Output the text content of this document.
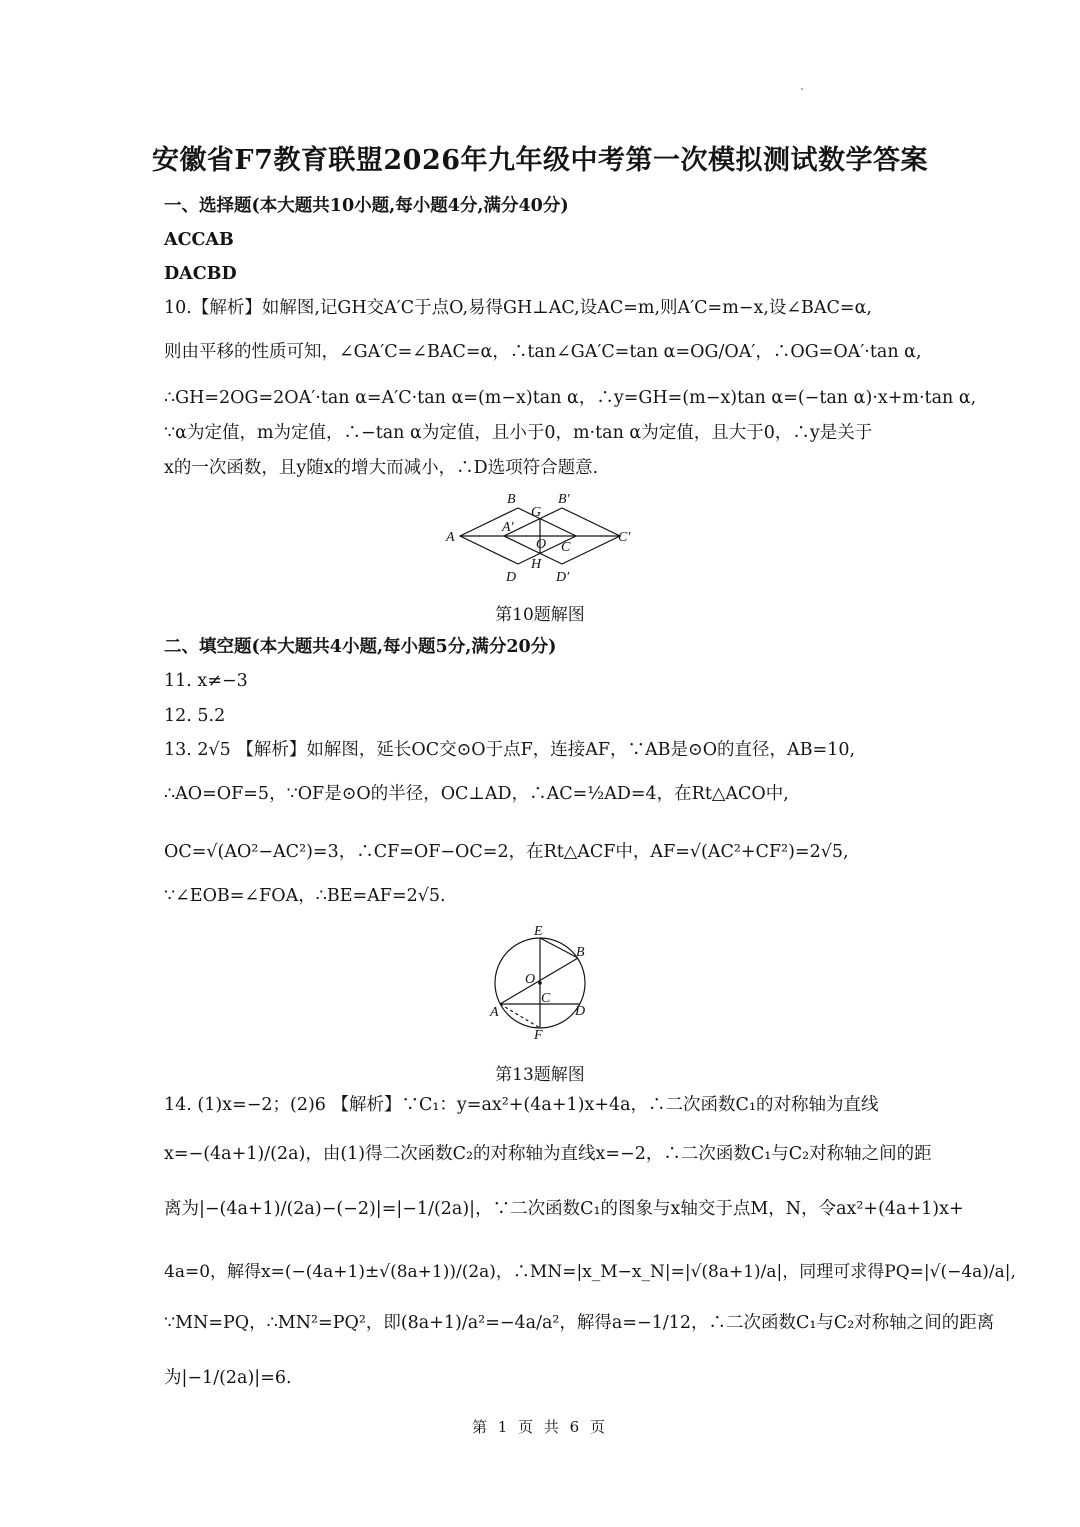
安徽省F7教育联盟2026年九年级中考第一次模拟测试数学答案
一、选择题(本大题共10小题,每小题4分,满分40分)
ACCAB
DACBD
10.【解析】如解图,记GH交A′C于点O,易得GH⊥AC,设AC=m,则A′C=m−x,设∠BAC=α,
则由平移的性质可知，∠GA′C=∠BAC=α，∴tan∠GA′C=tan α=OG/OA′，∴OG=OA′·tan α,
∴GH=2OG=2OA′·tan α=A′C·tan α=(m−x)tan α，∴y=GH=(m−x)tan α=(−tan α)·x+m·tan α,
∵α为定值，m为定值，∴−tan α为定值，且小于0，m·tan α为定值，且大于0，∴y是关于
x的一次函数，且y随x的增大而减小，∴D选项符合题意.
A
B	B′
C′
A′
G
O C
H
D	D′
第10题解图
二、填空题(本大题共4小题,每小题5分,满分20分)
11. x≠−3
12. 5.2
13. 2√5 【解析】如解图，延长OC交⊙O于点F，连接AF，∵AB是⊙O的直径，AB=10,
∴AO=OF=5，∵OF是⊙O的半径，OC⊥AD，∴AC=½AD=4，在Rt△ACO中,
OC=√(AO²−AC²)=3，∴CF=OF−OC=2，在Rt△ACF中，AF=√(AC²+CF²)=2√5,
∵∠EOB=∠FOA，∴BE=AF=2√5.
E
B
O
C
A	D
F
第13题解图
14. (1)x=−2；(2)6 【解析】∵C₁：y=ax²+(4a+1)x+4a，∴二次函数C₁的对称轴为直线
x=−(4a+1)/(2a)，由(1)得二次函数C₂的对称轴为直线x=−2，∴二次函数C₁与C₂对称轴之间的距
离为|−(4a+1)/(2a)−(−2)|=|−1/(2a)|，∵二次函数C₁的图象与x轴交于点M，N，令ax²+(4a+1)x+
4a=0，解得x=(−(4a+1)±√(8a+1))/(2a)，∴MN=|x_M−x_N|=|√(8a+1)/a|，同理可求得PQ=|√(−4a)/a|,
∵MN=PQ，∴MN²=PQ²，即(8a+1)/a²=−4a/a²，解得a=−1/12，∴二次函数C₁与C₂对称轴之间的距离
为|−1/(2a)|=6.
第 1 页 共 6 页
